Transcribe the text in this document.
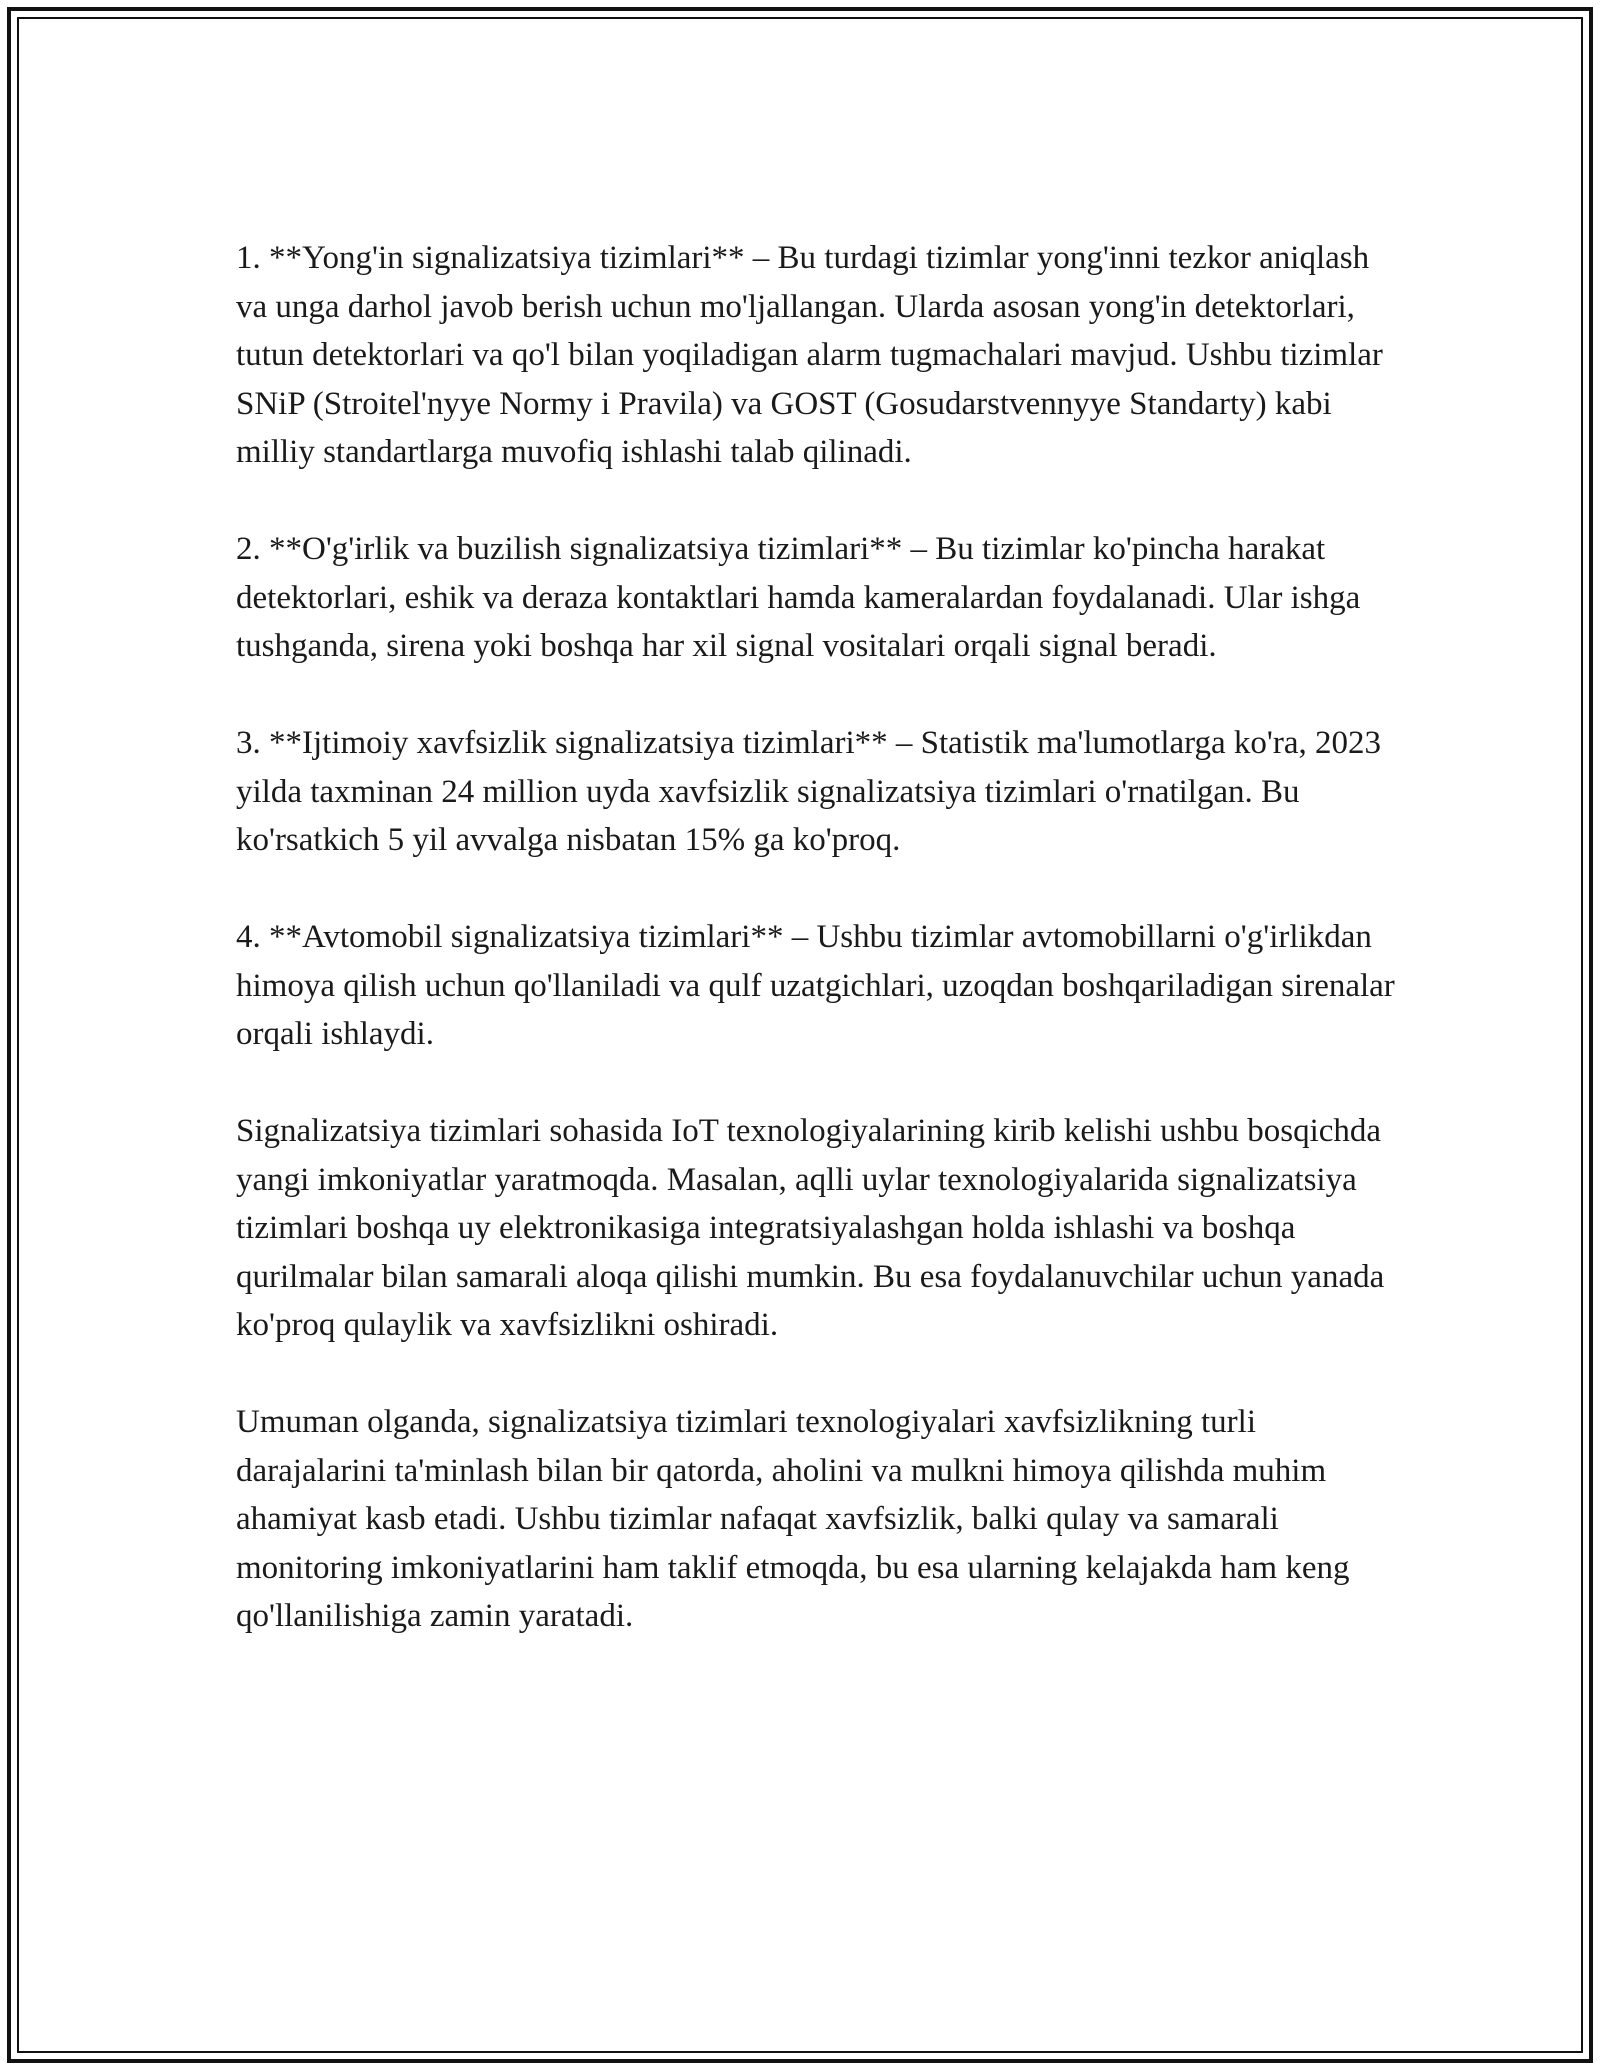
1. **Yong'in signalizatsiya tizimlari** – Bu turdagi tizimlar yong'inni tezkor aniqlash va unga darhol javob berish uchun mo'ljallangan. Ularda asosan yong'in detektorlari, tutun detektorlari va qo'l bilan yoqiladigan alarm tugmachalari mavjud. Ushbu tizimlar SNiP (Stroitel'nyye Normy i Pravila) va GOST (Gosudarstvennyye Standarty) kabi milliy standartlarga muvofiq ishlashi talab qilinadi.

2. **O'g'irlik va buzilish signalizatsiya tizimlari** – Bu tizimlar ko'pincha harakat detektorlari, eshik va deraza kontaktlari hamda kameralardan foydalanadi. Ular ishga tushganda, sirena yoki boshqa har xil signal vositalari orqali signal beradi.

3. **Ijtimoiy xavfsizlik signalizatsiya tizimlari** – Statistik ma'lumotlarga ko'ra, 2023 yilda taxminan 24 million uyda xavfsizlik signalizatsiya tizimlari o'rnatilgan. Bu ko'rsatkich 5 yil avvalga nisbatan 15% ga ko'proq.

4. **Avtomobil signalizatsiya tizimlari** – Ushbu tizimlar avtomobillarni o'g'irlikdan himoya qilish uchun qo'llaniladi va qulf uzatgichlari, uzoqdan boshqariladigan sirenalar orqali ishlaydi.

Signalizatsiya tizimlari sohasida IoT texnologiyalarining kirib kelishi ushbu bosqichda yangi imkoniyatlar yaratmoqda. Masalan, aqlli uylar texnologiyalarida signalizatsiya tizimlari boshqa uy elektronikasiga integratsiyalashgan holda ishlashi va boshqa qurilmalar bilan samarali aloqa qilishi mumkin. Bu esa foydalanuvchilar uchun yanada ko'proq qulaylik va xavfsizlikni oshiradi.

Umuman olganda, signalizatsiya tizimlari texnologiyalari xavfsizlikning turli darajalarini ta'minlash bilan bir qatorda, aholini va mulkni himoya qilishda muhim ahamiyat kasb etadi. Ushbu tizimlar nafaqat xavfsizlik, balki qulay va samarali monitoring imkoniyatlarini ham taklif etmoqda, bu esa ularning kelajakda ham keng qo'llanilishiga zamin yaratadi.
